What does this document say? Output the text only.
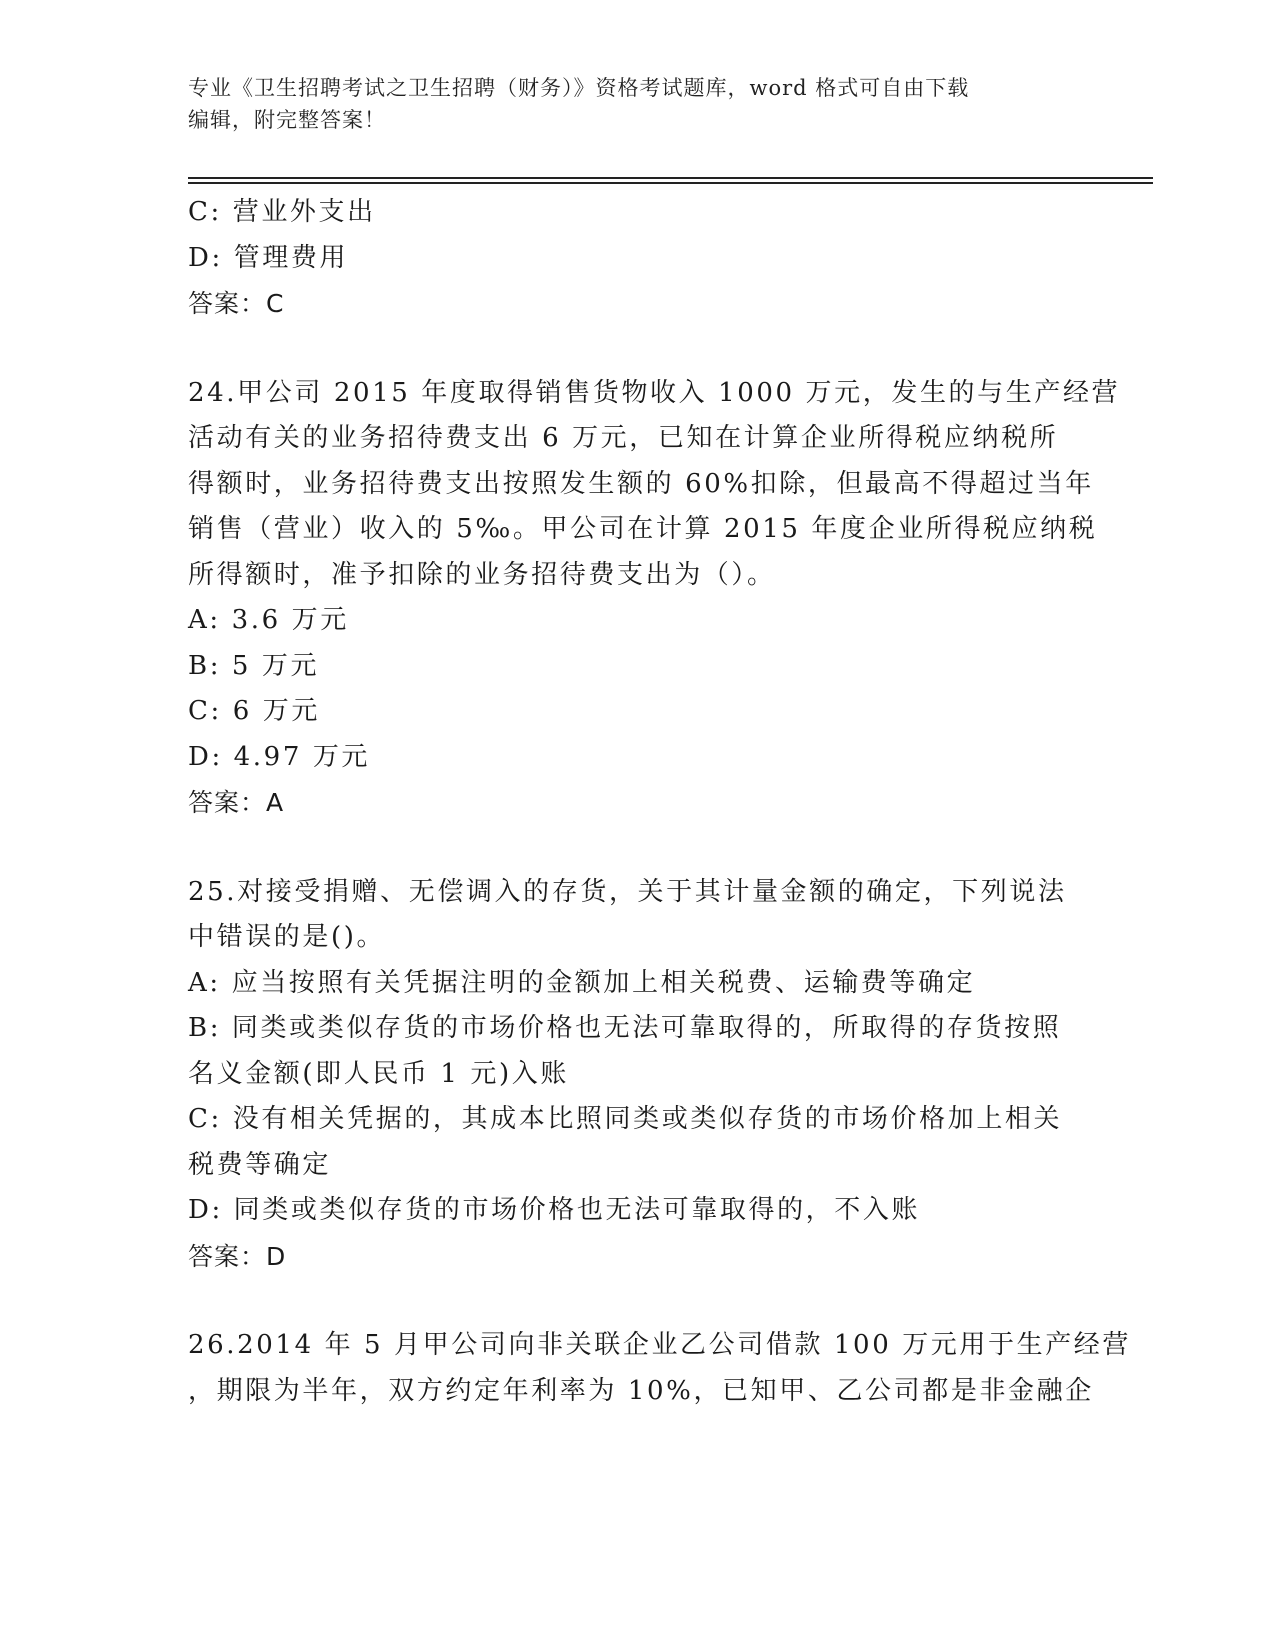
专业《卫生招聘考试之卫生招聘（财务）》资格考试题库，word 格式可自由下载
编辑，附完整答案！
C: 营业外支出
D: 管理费用
答案：C
24.甲公司 2015 年度取得销售货物收入 1000 万元，发生的与生产经营
活动有关的业务招待费支出 6 万元，已知在计算企业所得税应纳税所
得额时，业务招待费支出按照发生额的 60%扣除，但最高不得超过当年
销售（营业）收入的 5‰。甲公司在计算 2015 年度企业所得税应纳税
所得额时，准予扣除的业务招待费支出为（）。
A: 3.6 万元
B: 5 万元
C: 6 万元
D: 4.97 万元
答案：A
25.对接受捐赠、无偿调入的存货，关于其计量金额的确定，下列说法
中错误的是()。
A: 应当按照有关凭据注明的金额加上相关税费、运输费等确定
B: 同类或类似存货的市场价格也无法可靠取得的，所取得的存货按照
名义金额(即人民币 1 元)入账
C: 没有相关凭据的，其成本比照同类或类似存货的市场价格加上相关
税费等确定
D: 同类或类似存货的市场价格也无法可靠取得的，不入账
答案：D
26.2014 年 5 月甲公司向非关联企业乙公司借款 100 万元用于生产经营
，期限为半年，双方约定年利率为 10%，已知甲、乙公司都是非金融企
